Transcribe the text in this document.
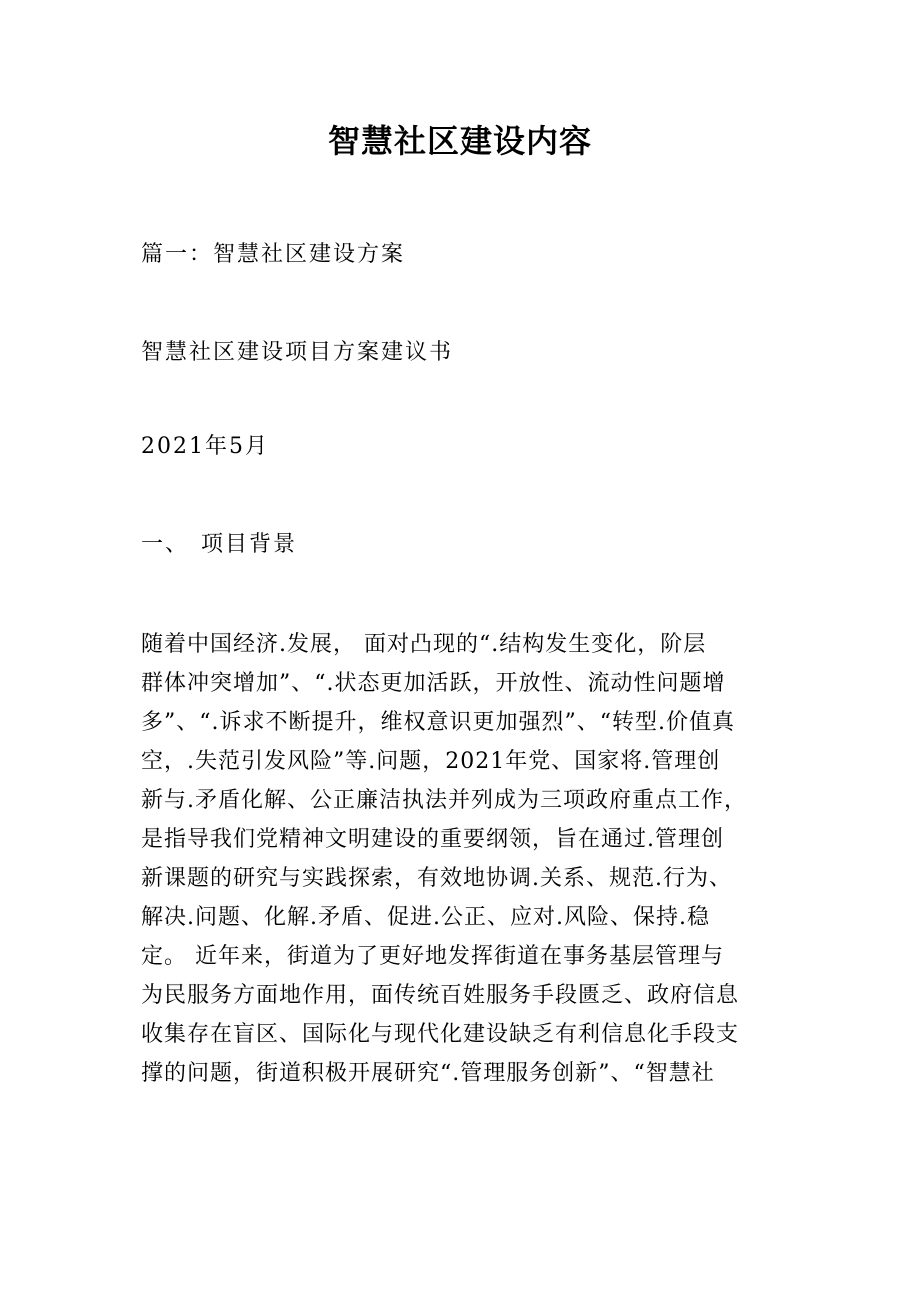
智慧社区建设内容
篇一：智慧社区建设方案
智慧社区建设项目方案建议书
2021年5月
一、 项目背景
随着中国经济.发展， 面对凸现的“.结构发生变化，阶层
群体冲突增加”、“.状态更加活跃，开放性、流动性问题增
多”、“.诉求不断提升，维权意识更加强烈”、“转型.价值真
空，.失范引发风险”等.问题，2021年党、国家将.管理创
新与.矛盾化解、公正廉洁执法并列成为三项政府重点工作，
是指导我们党精神文明建设的重要纲领，旨在通过.管理创
新课题的研究与实践探索，有效地协调.关系、规范.行为、
解决.问题、化解.矛盾、促进.公正、应对.风险、保持.稳
定。 近年来，街道为了更好地发挥街道在事务基层管理与
为民服务方面地作用，面传统百姓服务手段匮乏、政府信息
收集存在盲区、国际化与现代化建设缺乏有利信息化手段支
撑的问题，街道积极开展研究“.管理服务创新”、“智慧社
